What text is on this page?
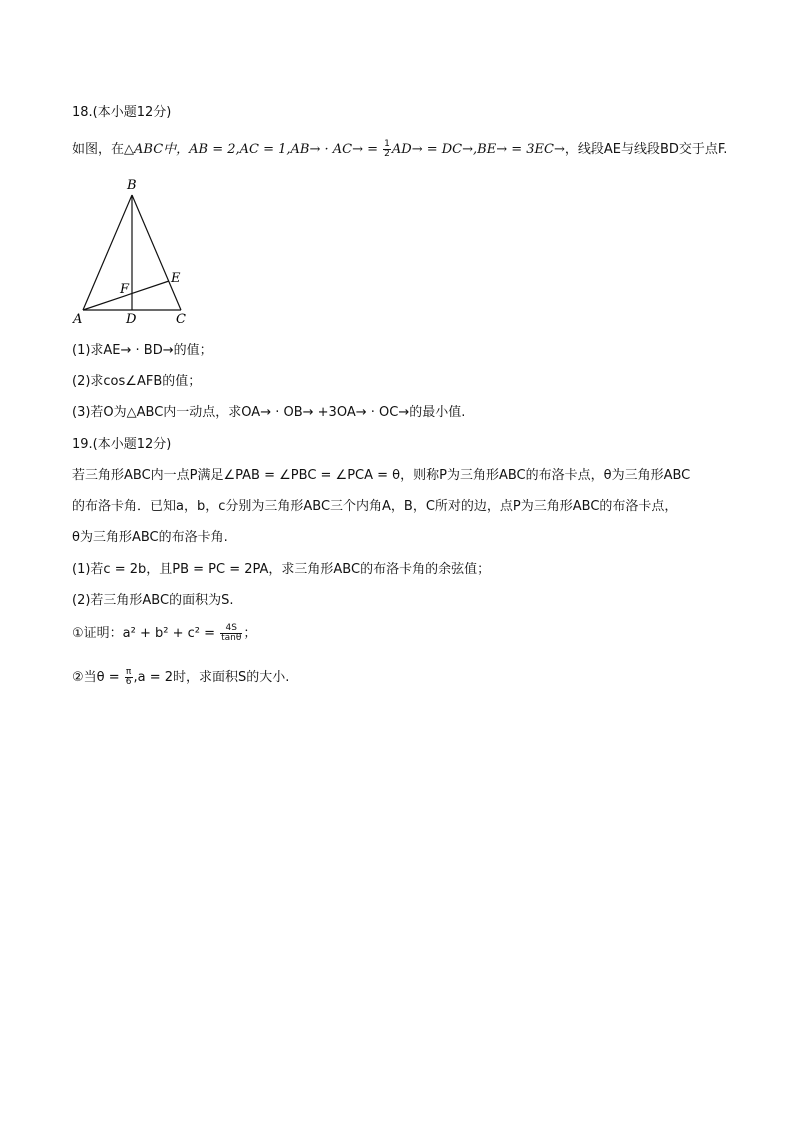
18.(本小题12分)
如图，在△ABC中，AB = $2,AC = 1,AB\to \cdot AC\to = \frac{1}{2} AD\to = DC\to,BE\to = 3EC\to$，线段AE与线段BD交于点F.
B
E
F
A	D	C
(1)求AE→ · BD→的值；
(2)求cos∠AFB的值；
(3)若O为△ABC内一动点，求OA→ · OB→ +3OA→ · OC→的最小值.
19.(本小题12分)
若三角形ABC内一点P满足∠PAB = ∠PBC = ∠PCA = θ，则称P为三角形ABC的布洛卡点，θ为三角形ABC
的布洛卡角．已知a，b，c分别为三角形ABC三个内角A，B，C所对的边，点P为三角形ABC的布洛卡点，
θ为三角形ABC的布洛卡角.
(1)若c = 2b，且PB = PC = 2PA，求三角形ABC的布洛卡角的余弦值；
(2)若三角形ABC的面积为S.
①证明：$a^2 + b^2 + c^2 = \frac{4S}{\tan\theta}$ ；
②当$\theta = \frac{\pi}{6} ,a = 2$时，求面积S的大小.
